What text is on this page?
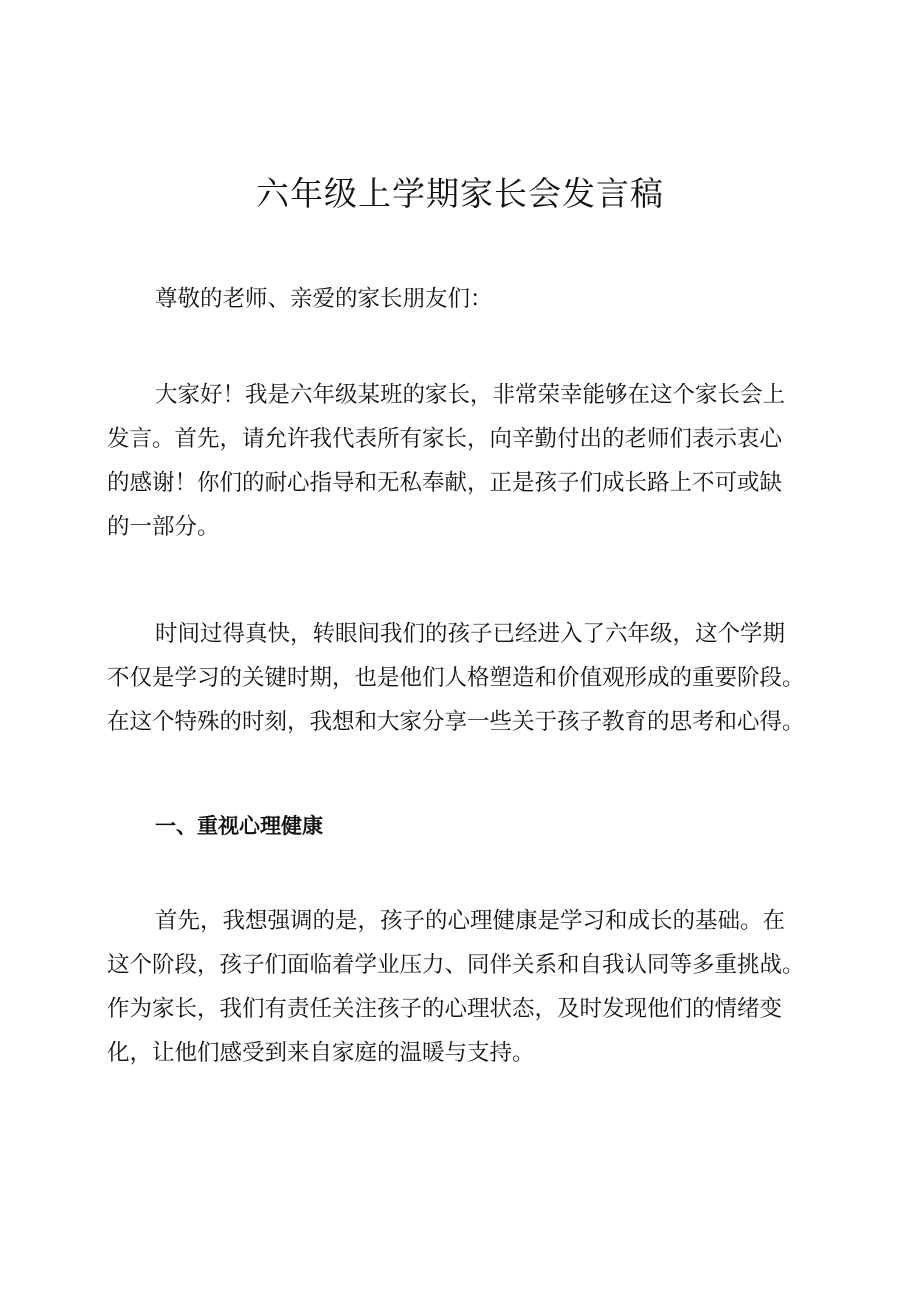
六年级上学期家长会发言稿

尊敬的老师、亲爱的家长朋友们：

大家好！我是六年级某班的家长，非常荣幸能够在这个家长会上
发言。首先，请允许我代表所有家长，向辛勤付出的老师们表示衷心
的感谢！你们的耐心指导和无私奉献，正是孩子们成长路上不可或缺
的一部分。

时间过得真快，转眼间我们的孩子已经进入了六年级，这个学期
不仅是学习的关键时期，也是他们人格塑造和价值观形成的重要阶段。
在这个特殊的时刻，我想和大家分享一些关于孩子教育的思考和心得。

一、重视心理健康

首先，我想强调的是，孩子的心理健康是学习和成长的基础。在
这个阶段，孩子们面临着学业压力、同伴关系和自我认同等多重挑战。
作为家长，我们有责任关注孩子的心理状态，及时发现他们的情绪变
化，让他们感受到来自家庭的温暖与支持。
